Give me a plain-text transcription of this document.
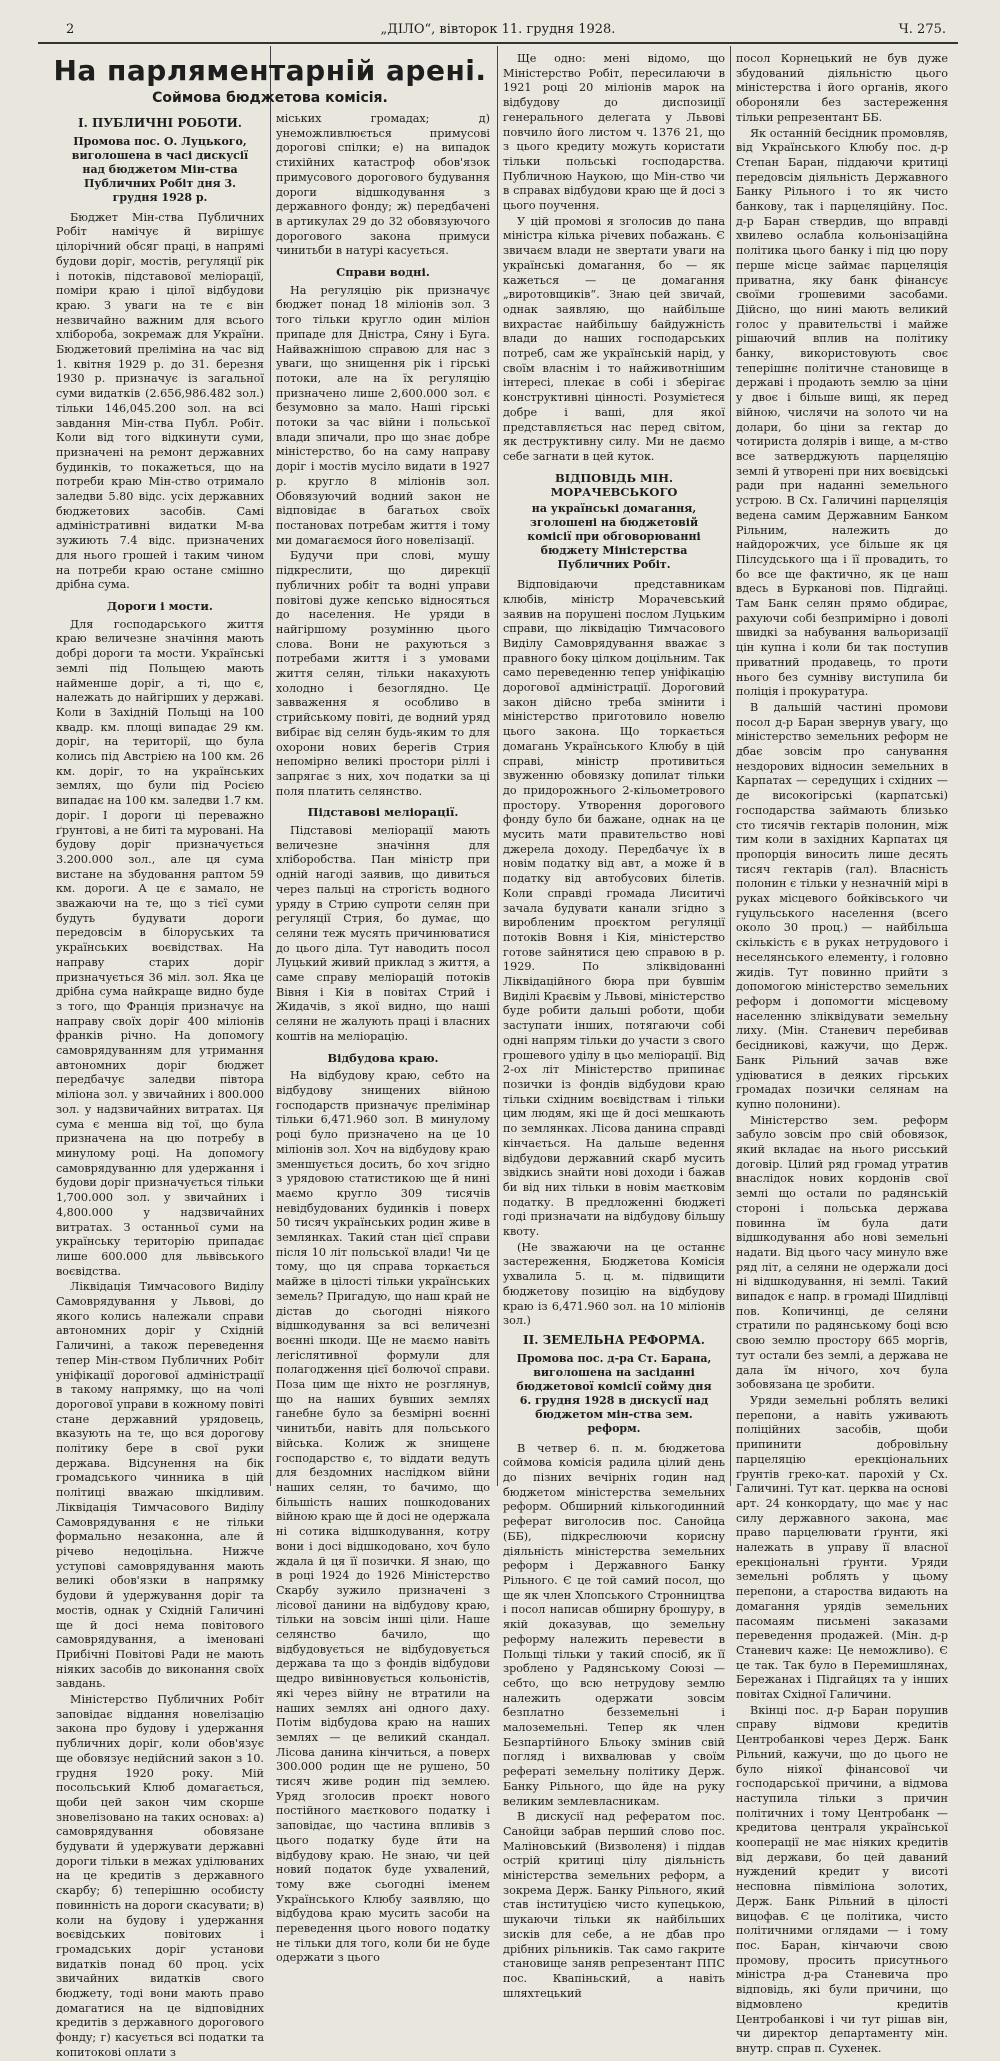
2	„ДІЛО“, вівторок 11. грудня 1928.	Ч. 275.
На парляментарній арені.
Соймова бюджетова комісія.
І. ПУБЛИЧНІ РОБОТИ.
Промова пос. О. Луцького, виголошена в часі дискусії над бюджетом Мін-ства Публичних Робіт дня 3. грудня 1928 р.

Бюджет Мін-ства Публичних Робіт намічує й вирішує цілорічний обсяг праці, в напрямі будови доріг, мостів, регуляції рік і потоків, підставової меліорації, поміри краю і цілої відбудови краю. З уваги на те є він незвичайно важним для всього хлібороба, зокремаж для України. Бюджетовий преліміна на час від 1. квітня 1929 р. до 31. березня 1930 р. призначує із загальної суми видатків (2.656,986.482 зол.) тільки 146,045.200 зол. на всі завдання Мін-ства Публ. Робіт. Коли від того відкинути суми, призначені на ремонт державних будинків, то покажеться, що на потреби краю Мін-ство отримало заледви 5.80 відс. усіх державних бюджетових засобів. Самі адміністративні видатки М-ва зужиють 7.4 відс. призначених для нього грошей і таким чином на потреби краю остане смішно дрібна сума.

Дороги і мости.

Для господарського життя краю величезне значіння мають добрі дороги та мости. Українські землі під Польщею мають найменше доріг, а ті, що є, належать до найгірших у державі. Коли в Західній Польщі на 100 квадр. км. площі випадає 29 км. доріг, на території, що була колись під Австрією на 100 км. 26 км. доріг, то на українських землях, що були під Росією випадає на 100 км. заледви 1.7 км. доріг. І дороги ці переважно ґрунтові, а не биті та муровані. На будову доріг призначується 3.200.000 зол., але ця сума вистане на збудовання раптом 59 км. дороги. А це є замало, не зважаючи на те, що з тієї суми будуть будувати дороги передовсім в білоруських та українських воєвідствах. На направу старих доріг призначується 36 міл. зол. Яка це дрібна сума найкраще видно буде з того, що Франція призначує на направу своїх доріг 400 міліонів франків річно. На допомогу самоврядуванням для утримання автономних доріг бюджет передбачує заледви півтора міліона зол. у звичайних і 800.000 зол. у надзвичайних витратах. Ця сума є менша від тої, що була призначена на цю потребу в минулому році. На допомогу самоврядуванню для удержання і будови доріг призначується тільки 1,700.000 зол. у звичайних і 4,800.000 у надзвичайних витратах. З останньої суми на українську територію припадає лише 600.000 для львівського воєвідства.

Ліквідація Тимчасового Виділу Самоврядування у Львові, до якого колись належали справи автономних доріг у Східній Галичині, а також переведення тепер Мін-ством Публичних Робіт уніфікації дорогової адміністрації в такому напрямку, що на чолі дорогової управи в кожному повіті стане державний урядовець, вказують на те, що вся дорогову політику бере в свої руки держава. Відсунення на бік громадського чинника в цій політиці вважаю шкідливим. Ліквідація Тимчасового Виділу Самоврядування є не тільки формально незаконна, але й річево недоцільна. Нижче уступові самоврядування мають великі обов'язки в напрямку будови й удержування доріг та мостів, однак у Східній Галичині ще й досі нема повітового самоврядування, а іменовані Прибічні Повітові Ради не мають ніяких засобів до виконання своїх завдань.

Міністерство Публичних Робіт заповідає віддання новелізацію закона про будову і удержання публичних доріг, коли обов'язує ще обовязує недійсний закон з 10. грудня 1920 року. Мій посольський Клюб домагається, щоби цей закон чим скорше зновелізовано на таких основах: а) самоврядування обовязане будувати й удержувати державні дороги тільки в межах уділюваних на це кредитів з державного скарбу; б) теперішню особисту повинність на дороги скасувати; в) коли на будову і удержання воєвідських повітових і громадських доріг установи видатків понад 60 проц. усіх звичайних видатків свого бюджету, тоді вони мають право домагатися на це відповідних кредитів з державного дорогового фонду; г) касується всі податки та копитокові оплати з

міських громадах; д) унеможливлюється примусові дорогові спілки; е) на випадок стихійних катастроф обов'язок примусового дорогового будування дороги відшкодування з державного фонду; ж) передбачені в артикулах 29 до 32 обовязуючого дорогового закона примуси чинитьби в натурі касується.

Справи водні.

На регуляцію рік призначує бюджет понад 18 міліонів зол. З того тільки кругло один міліон припаде для Дністра, Сяну і Буга. Найважнішою справою для нас з уваги, що знищення рік і гірські потоки, але на їх регуляцію призначено лише 2,600.000 зол. є безумовно за мало. Наші гірські потоки за час війни і польської влади зпичали, про що знає добре міністерство, бо на саму направу доріг і мостів мусіло видати в 1927 р. кругло 8 міліонів зол. Обовязуючий водний закон не відповідає в багатьох своїх постановах потребам життя і тому ми домагаємося його новелізації.

Будучи при слові, мушу підкреслити, що дирекції публичних робіт та водні управи повітові дуже кепсько відносяться до населення. Не уряди в найгіршому розумінню цього слова. Вони не рахуються з потребами життя і з умовами життя селян, тільки накахують холодно і безоглядно. Це завваження я особливо в стрийському повіті, де водний уряд вибірає від селян будь-яким то для охорони нових берегів Стрия непомірно великі простори ріллі і запрягає з них, хоч податки за ці поля платить селянство.

Підставові меліорації.

Підставові меліорації мають величезне значіння для хліборобства. Пан міністр при одній нагоді заявив, що дивиться через пальці на строгість водного уряду в Стрию супроти селян при регуляції Стрия, бо думає, що селяни теж мусять причинюватися до цього діла. Тут наводить посол Луцький живий приклад з життя, а саме справу меліорацій потоків Вівня і Кія в повітах Стрий і Жидачів, з якої видно, що наші селяни не жалують праці і власних коштів на меліорацію.

Відбудова краю.

На відбудову краю, себто на відбудову знищених війною господарств призначує прелімінар тільки 6,471.960 зол. В минулому році було призначено на це 10 міліонів зол. Хоч на відбудову краю зменшується досить, бо хоч згідно з урядовою статистикою ще й нині маємо кругло 309 тисячів невідбудованих будинків і поверх 50 тисяч українських родин живе в землянках. Такий стан цієї справи після 10 літ польської влади! Чи це тому, що ця справа торкається майже в цілості тільки українських земель? Пригадую, що наш край не дістав до сьогодні ніякого відшкодування за всі величезні воєнні шкоди. Ще не маємо навіть легіслятивної формули для полагодження цієї болючої справи. Поза цим ще ніхто не розглянув, що на наших бувших землях ганебне було за безмірні воєнні чинитьби, навіть для польського війська. Колиж ж знищене господарство є, то віддати ведуть для бездомних наслідком війни наших селян, то бачимо, що більшість наших пошкодованих війною краю ще й досі не одержала ні сотика відшкодування, котру вони і досі відшкодовано, хоч було ждала й ця її позички. Я знаю, що в році 1924 до 1926 Міністерство Скарбу зужило призначені з лісової данини на відбудову краю, тільки на зовсім інші ціли. Наше селянство бачило, що відбудовується не відбудовується держава та що з фондів відбудови щедро вивінновується кольоністів, які через війну не втратили на наших землях ані одного даху. Потім відбудова краю на наших землях — це великий скандал. Лісова данина кінчиться, а поверх 300.000 родин ще не рушено, 50 тисяч живе родин під землею. Уряд зголосив проєкт нового постійного маєткового податку і заповідає, що частина впливів з цього податку буде йти на відбудову краю. Не знаю, чи цей новий податок буде ухвалений, тому вже сьогодні іменем Українського Клюбу заявляю, що відбудова краю мусить засоби на переведення цього нового податку не тільки для того, коли би не буде одержати з цього

Ще одно: мені відомо, що Міністерство Робіт, пересилаючи в 1921 році 20 міліонів марок на відбудову до диспозиції генерального делегата у Львові повчило його листом ч. 1376 21, що з цього кредиту можуть користати тільки польські господарства. Публичною Наукою, що Мін-ство чи в справах відбудови краю ще й досі з цього поучення.

У цій промові я зголосив до пана міністра кілька річевих побажань. Є звичаєм влади не звертати уваги на українські домагання, бо — як кажеться — це домагання „виротовщиків“. Знаю цей звичай, однак заявляю, що найбільше вихрастає найбільшу байдужність влади до наших господарських потреб, сам же українській нарід, у своїм власнім і то найживотнішим інтересі, плекає в собі і зберігає конструктивні цінності. Розумієтеся добре і ваші, для якої представляється нас перед світом, як деструктивну силу. Ми не даємо себе загнати в цей куток.

ВІДПОВІДЬ МІН. МОРАЧЕВСЬКОГО
на українські домагання, зголошені на бюджетовій комісії при обговорюванні бюджету Міністерства Публичних Робіт.

Відповідаючи представникам клюбів, міністр Морачевський заявив на порушені послом Луцьким справи, що ліквідацію Тимчасового Виділу Самоврядування вважає з правного боку цілком доцільним. Так само переведенню тепер уніфікацію дорогової адміністрації. Дороговий закон дійсно треба змінити і міністерство приготовило новелю цього закона. Що торкається домагань Українського Клюбу в цій справі, міністр противиться звуженню обовязку допилат тільки до придорожнього 2-кільометрового простору. Утворення дорогового фонду було би бажане, однак на це мусить мати правительство нові джерела доходу. Передбачує їх в новім податку від авт, а може й в податку від автобусових білетів. Коли справді громада Лиситичі зачала будувати канали згідно з виробленим проєктом регуляції потоків Вовня і Кія, міністерство готове зайнятися цею справою в р. 1929. По зліквідованні Ліквідаційного бюра при бувшім Виділі Краєвім у Львові, міністерство буде робити дальші роботи, щоби заступати інших, потягаючи собі одні напрям тільки до участи з свого грошевого уділу в цьо меліорації. Від 2-ох літ Міністерство припинає позички із фондів відбудови краю тільки східним воєвідствам і тільки цим людям, які ще й досі мешкають по землянках. Лісова данина справді кінчається. На дальше ведення відбудови державний скарб мусить звідкись знайти нові доходи і бажав би від них тільки в новім маєтковім податку. В предложенні бюджеті годі призначати на відбудову більшу квоту.

(Не зважаючи на це останнє застереження, Бюджетова Комісія ухвалила 5. ц. м. підвищити бюджетову позицію на відбудову краю із 6,471.960 зол. на 10 міліонів зол.)

ІІ. ЗЕМЕЛЬНА РЕФОРМА.
Промова пос. д-ра Ст. Барана, виголошена на засіданні бюджетової комісії сойму дня 6. грудня 1928 в дискусії над бюджетом мін-ства зем. реформ.

В четвер 6. п. м. бюджетова соймова комісія радила цілий день до пізних вечірніх годин над бюджетом міністерства земельних реформ. Обширний кількогодинний реферат виголосив пос. Санойца (ББ), підкреслюючи корисну діяльність міністерства земельних реформ і Державного Банку Рільного. Є це той самий посол, що ще як член Хлопського Стронництва і посол написав обширну брошуру, в якій доказував, що земельну реформу належить перевести в Польщі тільки у такий спосіб, як її зроблено у Радянському Союзі — себто, що всю нетрудову землю належить одержати зовсім безплатно безземельні і малоземельні. Тепер як член Безпартійного Бльоку змінив свій погляд і вихвалював у своїм рефераті земельну політику Держ. Банку Рільного, що йде на руку великим землевласникам.

В дискусії над рефератом пос. Санойци забрав перший слово пос. Маліновський (Визволеня) і піддав острій критиці цілу діяльність міністерства земельних реформ, а зокрема Держ. Банку Рільного, який став інституцією чисто купецькою, шукаючи тільки як найбільших зисків для себе, а не дбав про дрібних рільників. Так само гакрите становище заняв репрезентант ППС пос. Квапіньский, а навіть шляхтецький

посол Корнецький не був дуже збудований діяльністю цього міністерства і його органів, якого обороняли без застереження тільки репрезентант ББ.

Як останній бесідник промовляв, від Українського Клюбу пос. д-р Степан Баран, піддаючи критиці передовсім діяльність Державного Банку Рільного і то як чисто банкову, так і парцеляційну. Пос. д-р Баран ствердив, що вправді хвилево ослабла кольонізаційна політика цього банку і під цю пору перше місце займає парцеляція приватна, яку банк фінансує своїми грошевими засобами. Дійсно, що нині мають великий голос у правительстві і майже рішаючий вплив на політику банку, використовують своє теперішнє політичне становище в державі і продають землю за ціни у двоє і більше вищі, як перед війною, числячи на золото чи на долари, бо ціни за гектар до чотириста долярів і вище, а м-ство все затверджують парцеляцію землі й утворені при них воєвідські ради при наданні земельного устрою. В Сх. Галичині парцеляція ведена самим Державним Банком Рільним, належить до найдорожчих, усе більше як ця Пілсудського ща і її провадить, то бо все ще фактично, як це наш вдесь в Бурканові пов. Підгайці. Там Банк селян прямо обдирає, рахуючи собі безпримірно і доволі швидкі за набування вальоризації цін купна і коли би так поступив приватний продавець, то проти нього без сумніву виступила би поліція і прокуратура.

В дальшій частині промови посол д-р Баран звернув увагу, що міністерство земельних реформ не дбає зовсім про санування нездорових відносин земельних в Карпатах — середущих і східних — де високогірські (карпатські) господарства займають близько сто тисячів гектарів полонин, між тим коли в західних Карпатах ця пропорція виносить лише десять тисяч гектарів (гал). Власність полонин є тільки у незначній мірі в руках місцевого бойківського чи гуцульського населення (всего около 30 проц.) — найбільша скількість є в руках нетрудового і неселянського елементу, і головно жидів. Тут повинно прийти з допомогою міністерство земельних реформ і допомогти місцевому населенню зліквідувати земельну лиху. (Мін. Станевич перебивав бесідникові, кажучи, що Держ. Банк Рільний зачав вже удіюватися в деяких гірських громадах позички селянам на купно полонини).

Міністерство зем. реформ забуло зовсім про свій обовязок, який вкладає на нього рисський договір. Цілий ряд громад утратив внаслідок нових кордонів свої землі що остали по радянській стороні і польська держава повинна їм була дати відшкодування або нові земельні надати. Від цього часу минуло вже ряд літ, а селяни не одержали досі ні відшкодування, ні землі. Такий випадок є напр. в громаді Шидлівці пов. Копичинці, де селяни стратили по радянському боці всю свою землю простору 665 моргів, тут остали без землі, а держава не дала їм нічого, хоч була зобовязана це зробити.

Уряди земельні роблять великі перепони, а навіть уживають поліційних засобів, щоби припинити добровільну парцеляцію ерекціональних ґрунтів греко-кат. парохій у Сх. Галичині. Тут кат. церква на основі арт. 24 конкордату, що має у нас силу державного закона, має право парцелювати ґрунти, які належать в управу її власної ерекціональні ґрунти. Уряди земельні роблять у цьому перепони, а староства видають на домагання урядів земельних пасомаям письмені заказами переведення продажей. (Мін. д-р Станевич каже: Це неможливо). Є це так. Так було в Перемишлянах, Бережанах і Підгайцях та у інших повітах Східної Галичини.

Вкінці пос. д-р Баран порушив справу відмови кредитів Центробанкові через Держ. Банк Рільний, кажучи, що до цього не було ніякої фінансової чи господарської причини, а відмова наступила тільки з причин політичних і тому Центробанк — кредитова централя української кооперації не має ніяких кредитів від держави, бо цей даваний нуждений кредит у висоті несповна півміліона золотих, Держ. Банк Рільний в цілості вицофав. Є це політика, чисто політичними оглядами — і тому пос. Баран, кінчаючи свою промову, просить присутнього міністра д-ра Станевича про відповідь, які були причини, що відмовлено кредитів Центробанкові і чи тут рішав він, чи директор департаменту мін. внутр. справ п. Сухенек.
